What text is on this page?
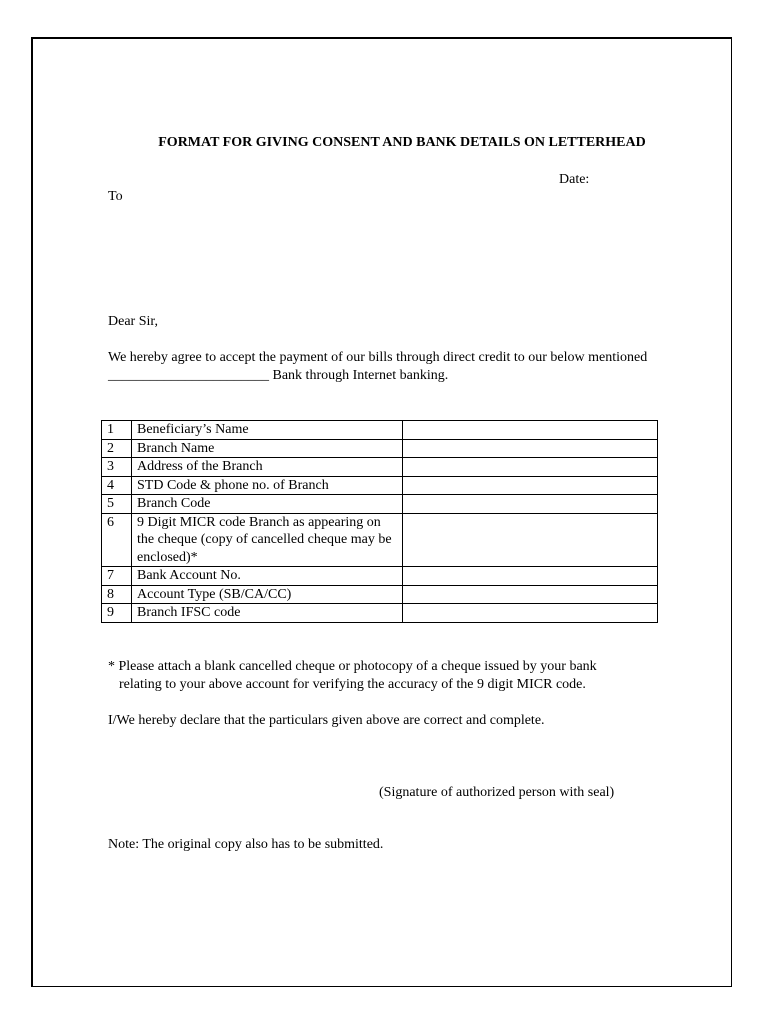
FORMAT FOR GIVING CONSENT AND BANK DETAILS ON LETTERHEAD
Date:
To
Dear Sir,
We hereby agree to accept the payment of our bills through direct credit to our below mentioned
_______________________ Bank through Internet banking.
1	Beneficiary’s Name	

2	Branch Name	

3	Address of the Branch	

4	STD Code & phone no. of Branch	

5	Branch Code	

6	9 Digit MICR code Branch as appearing on the cheque (copy of cancelled cheque may be enclosed)*	

7	Bank Account No.	

8	Account Type (SB/CA/CC)	

9	Branch IFSC code	

* Please attach a blank cancelled cheque or photocopy of a cheque issued by your bank
relating to your above account for verifying the accuracy of the 9 digit MICR code.
I/We hereby declare that the particulars given above are correct and complete.
(Signature of authorized person with seal)
Note: The original copy also has to be submitted.
